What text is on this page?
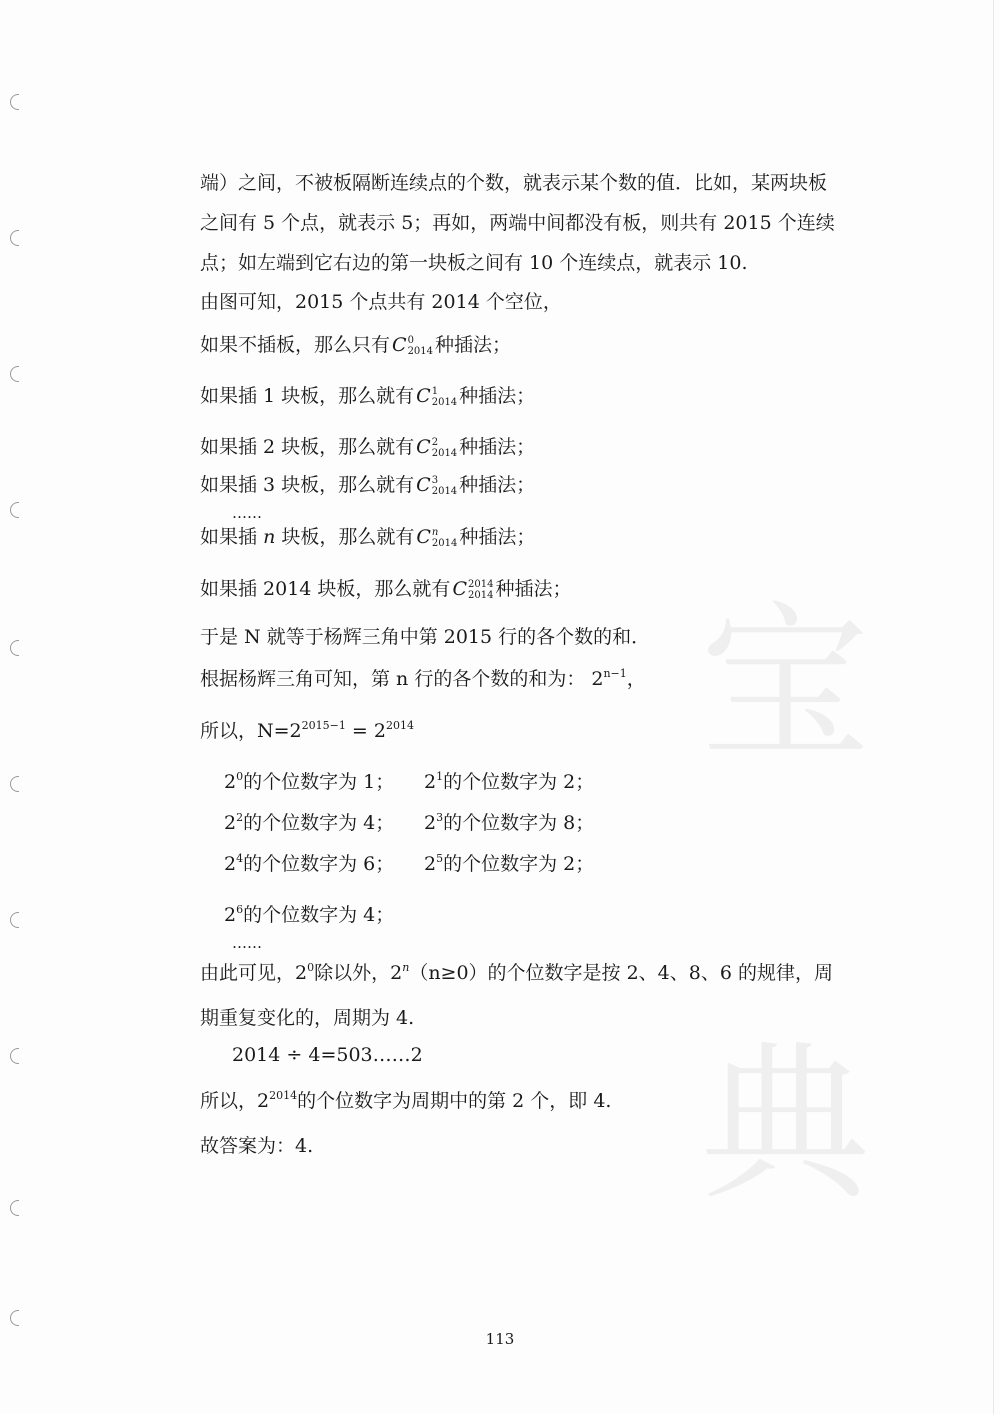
宝
典
端）之间，不被板隔断连续点的个数，就表示某个数的值．比如，某两块板
之间有 5 个点，就表示 5；再如，两端中间都没有板，则共有 2015 个连续
点；如左端到它右边的第一块板之间有 10 个连续点，就表示 10.
由图可知，2015 个点共有 2014 个空位，
如果不插板，那么只有 C 0
2014 种插法；
如果插 1 块板，那么就有 C 1
2014 种插法；
如果插 2 块板，那么就有 C 2
2014 种插法；
如果插 3 块板，那么就有 C 3
2014 种插法；
……
如果插 n 块板，那么就有 C n
2014 种插法；
如果插 2014 块板，那么就有 C 2014
2014 种插法；
于是 N 就等于杨辉三角中第 2015 行的各个数的和．
根据杨辉三角可知，第 n 行的各个数的和为： $2^{n-1}$，
所以，$N=2^{2015-1} = 2^{2014}$
$2^0$的个位数字为 1； $2^1$的个位数字为 2；
$2^2$的个位数字为 4； $2^3$的个位数字为 8；
$2^4$的个位数字为 6； $2^5$的个位数字为 2；
$2^6$的个位数字为 4；
……
由此可见，$2^0$除以外，$2^n(n\ge 0)$的个位数字是按 2、4、8、6 的规律，周
期重复变化的，周期为 4.
2014 ÷ 4=503……2
所以，$2^{2014}$的个位数字为周期中的第 2 个，即 4.
故答案为：4.
113
